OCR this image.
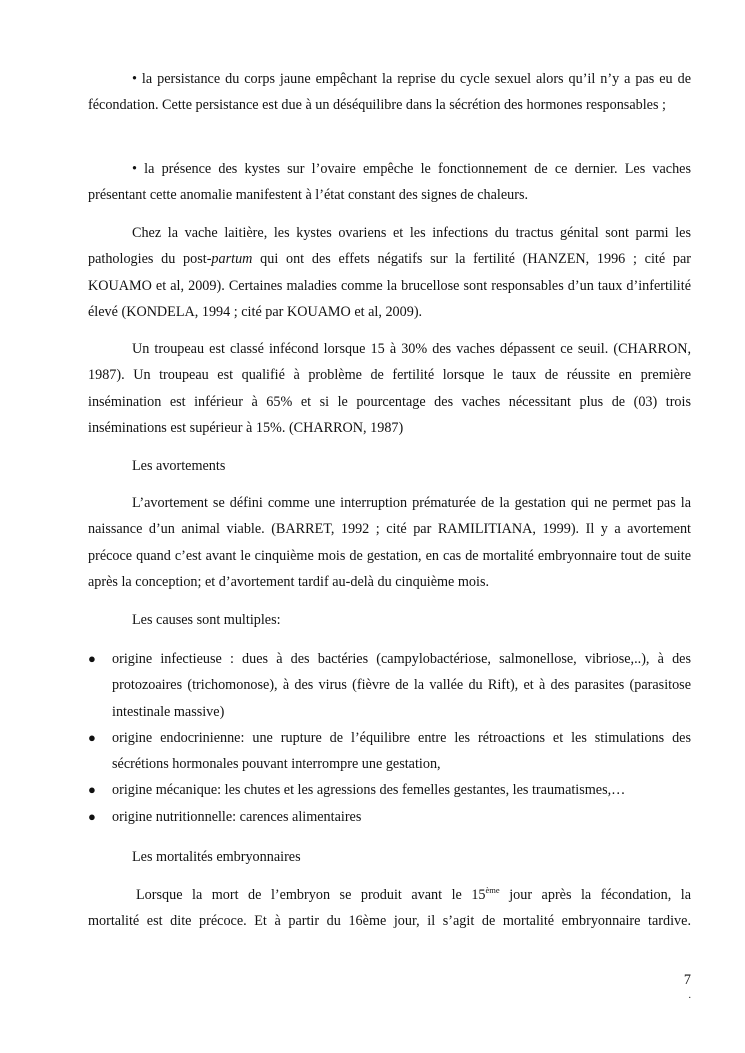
• la persistance du corps jaune empêchant la reprise du cycle sexuel alors qu’il n’y a pas eu de fécondation. Cette persistance est due à un déséquilibre dans la sécrétion des hormones responsables ;

• la présence des kystes sur l’ovaire empêche le fonctionnement de ce dernier. Les vaches présentant cette anomalie manifestent à l’état constant des signes de chaleurs.

Chez la vache laitière, les kystes ovariens et les infections du tractus génital sont parmi les pathologies du post-partum qui ont des effets négatifs sur la fertilité (HANZEN, 1996 ; cité par KOUAMO et al, 2009). Certaines maladies comme la brucellose sont responsables d’un taux d’infertilité élevé (KONDELA, 1994 ; cité par KOUAMO et al, 2009).

Un troupeau est classé infécond lorsque 15 à 30% des vaches dépassent ce seuil. (CHARRON, 1987). Un troupeau est qualifié à problème de fertilité lorsque le taux de réussite en première insémination est inférieur à 65% et si le pourcentage des vaches nécessitant plus de (03) trois inséminations est supérieur à 15%. (CHARRON, 1987)

Les avortements

L’avortement se défini comme une interruption prématurée de la gestation qui ne permet pas la naissance d’un animal viable. (BARRET, 1992 ; cité par RAMILITIANA, 1999). Il y a avortement précoce quand c’est avant le cinquième mois de gestation, en cas de mortalité embryonnaire tout de suite après la conception; et d’avortement tardif au-delà du cinquième mois.

Les causes sont multiples:
● origine infectieuse : dues à des bactéries (campylobactériose, salmonellose, vibriose,..), à des protozoaires (trichomonose), à des virus (fièvre de la vallée du Rift), et à des parasites (parasitose intestinale massive)
● origine endocrinienne: une rupture de l’équilibre entre les rétroactions et les stimulations des sécrétions hormonales pouvant interrompre une gestation,
● origine mécanique: les chutes et les agressions des femelles gestantes, les traumatismes,…
● origine nutritionnelle: carences alimentaires
Les mortalités embryonnaires
Lorsque la mort de l’embryon se produit avant le 15ème jour après la fécondation, la
mortalité est dite précoce. Et à partir du 16ème jour, il s’agit de mortalité embryonnaire tardive.
7
.
